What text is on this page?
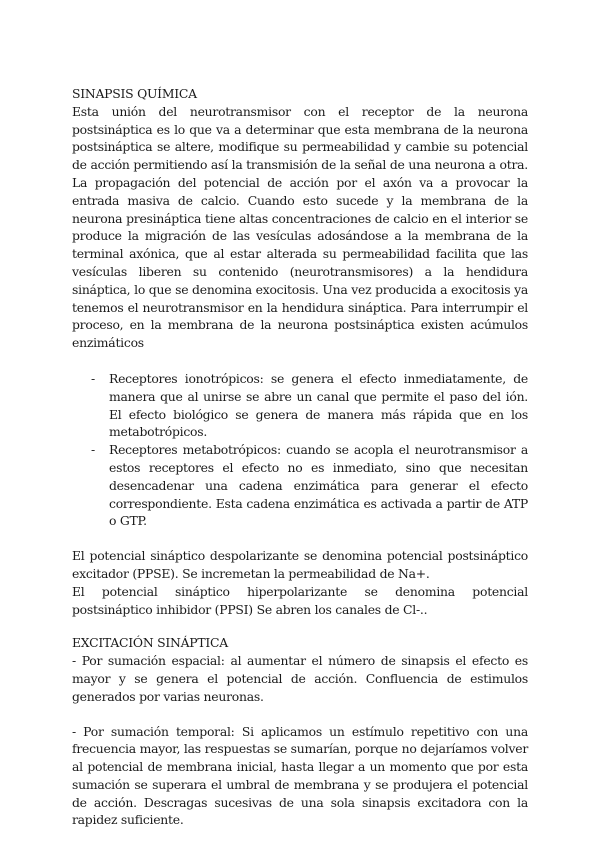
SINAPSIS QUÍMICA

Esta unión del neurotransmisor con el receptor de la neurona postsináptica es lo que va a determinar que esta membrana de la neurona postsináptica se altere, modifique su permeabilidad y cambie su potencial de acción permitiendo así la transmisión de la señal de una neurona a otra. La propagación del potencial de acción por el axón va a provocar la entrada masiva de calcio. Cuando esto sucede y la membrana de la neurona presináptica tiene altas concentraciones de calcio en el interior se produce la migración de las vesículas adosándose a la membrana de la terminal axónica, que al estar alterada su permeabilidad facilita que las vesículas liberen su contenido (neurotransmisores) a la hendidura sináptica, lo que se denomina exocitosis. Una vez producida a exocitosis ya tenemos el neurotransmisor en la hendidura sináptica. Para interrumpir el proceso, en la membrana de la neurona postsináptica existen acúmulos enzimáticos

- Receptores ionotrópicos: se genera el efecto inmediatamente, de manera que al unirse se abre un canal que permite el paso del ión. El efecto biológico se genera de manera más rápida que en los metabotrópicos.
- Receptores metabotrópicos: cuando se acopla el neurotransmisor a estos receptores el efecto no es inmediato, sino que necesitan desencadenar una cadena enzimática para generar el efecto correspondiente. Esta cadena enzimática es activada a partir de ATP o GTP.

El potencial sináptico despolarizante se denomina potencial postsináptico excitador (PPSE). Se incremetan la permeabilidad de Na+.

El potencial sináptico hiperpolarizante se denomina potencial postsináptico inhibidor (PPSI) Se abren los canales de Cl-..

EXCITACIÓN SINÁPTICA

- Por sumación espacial: al aumentar el número de sinapsis el efecto es mayor y se genera el potencial de acción. Confluencia de estimulos generados por varias neuronas.

- Por sumación temporal: Si aplicamos un estímulo repetitivo con una frecuencia mayor, las respuestas se sumarían, porque no dejaríamos volver al potencial de membrana inicial, hasta llegar a un momento que por esta sumación se superara el umbral de membrana y se produjera el potencial de acción. Descragas sucesivas de una sola sinapsis excitadora con la rapidez suficiente.
